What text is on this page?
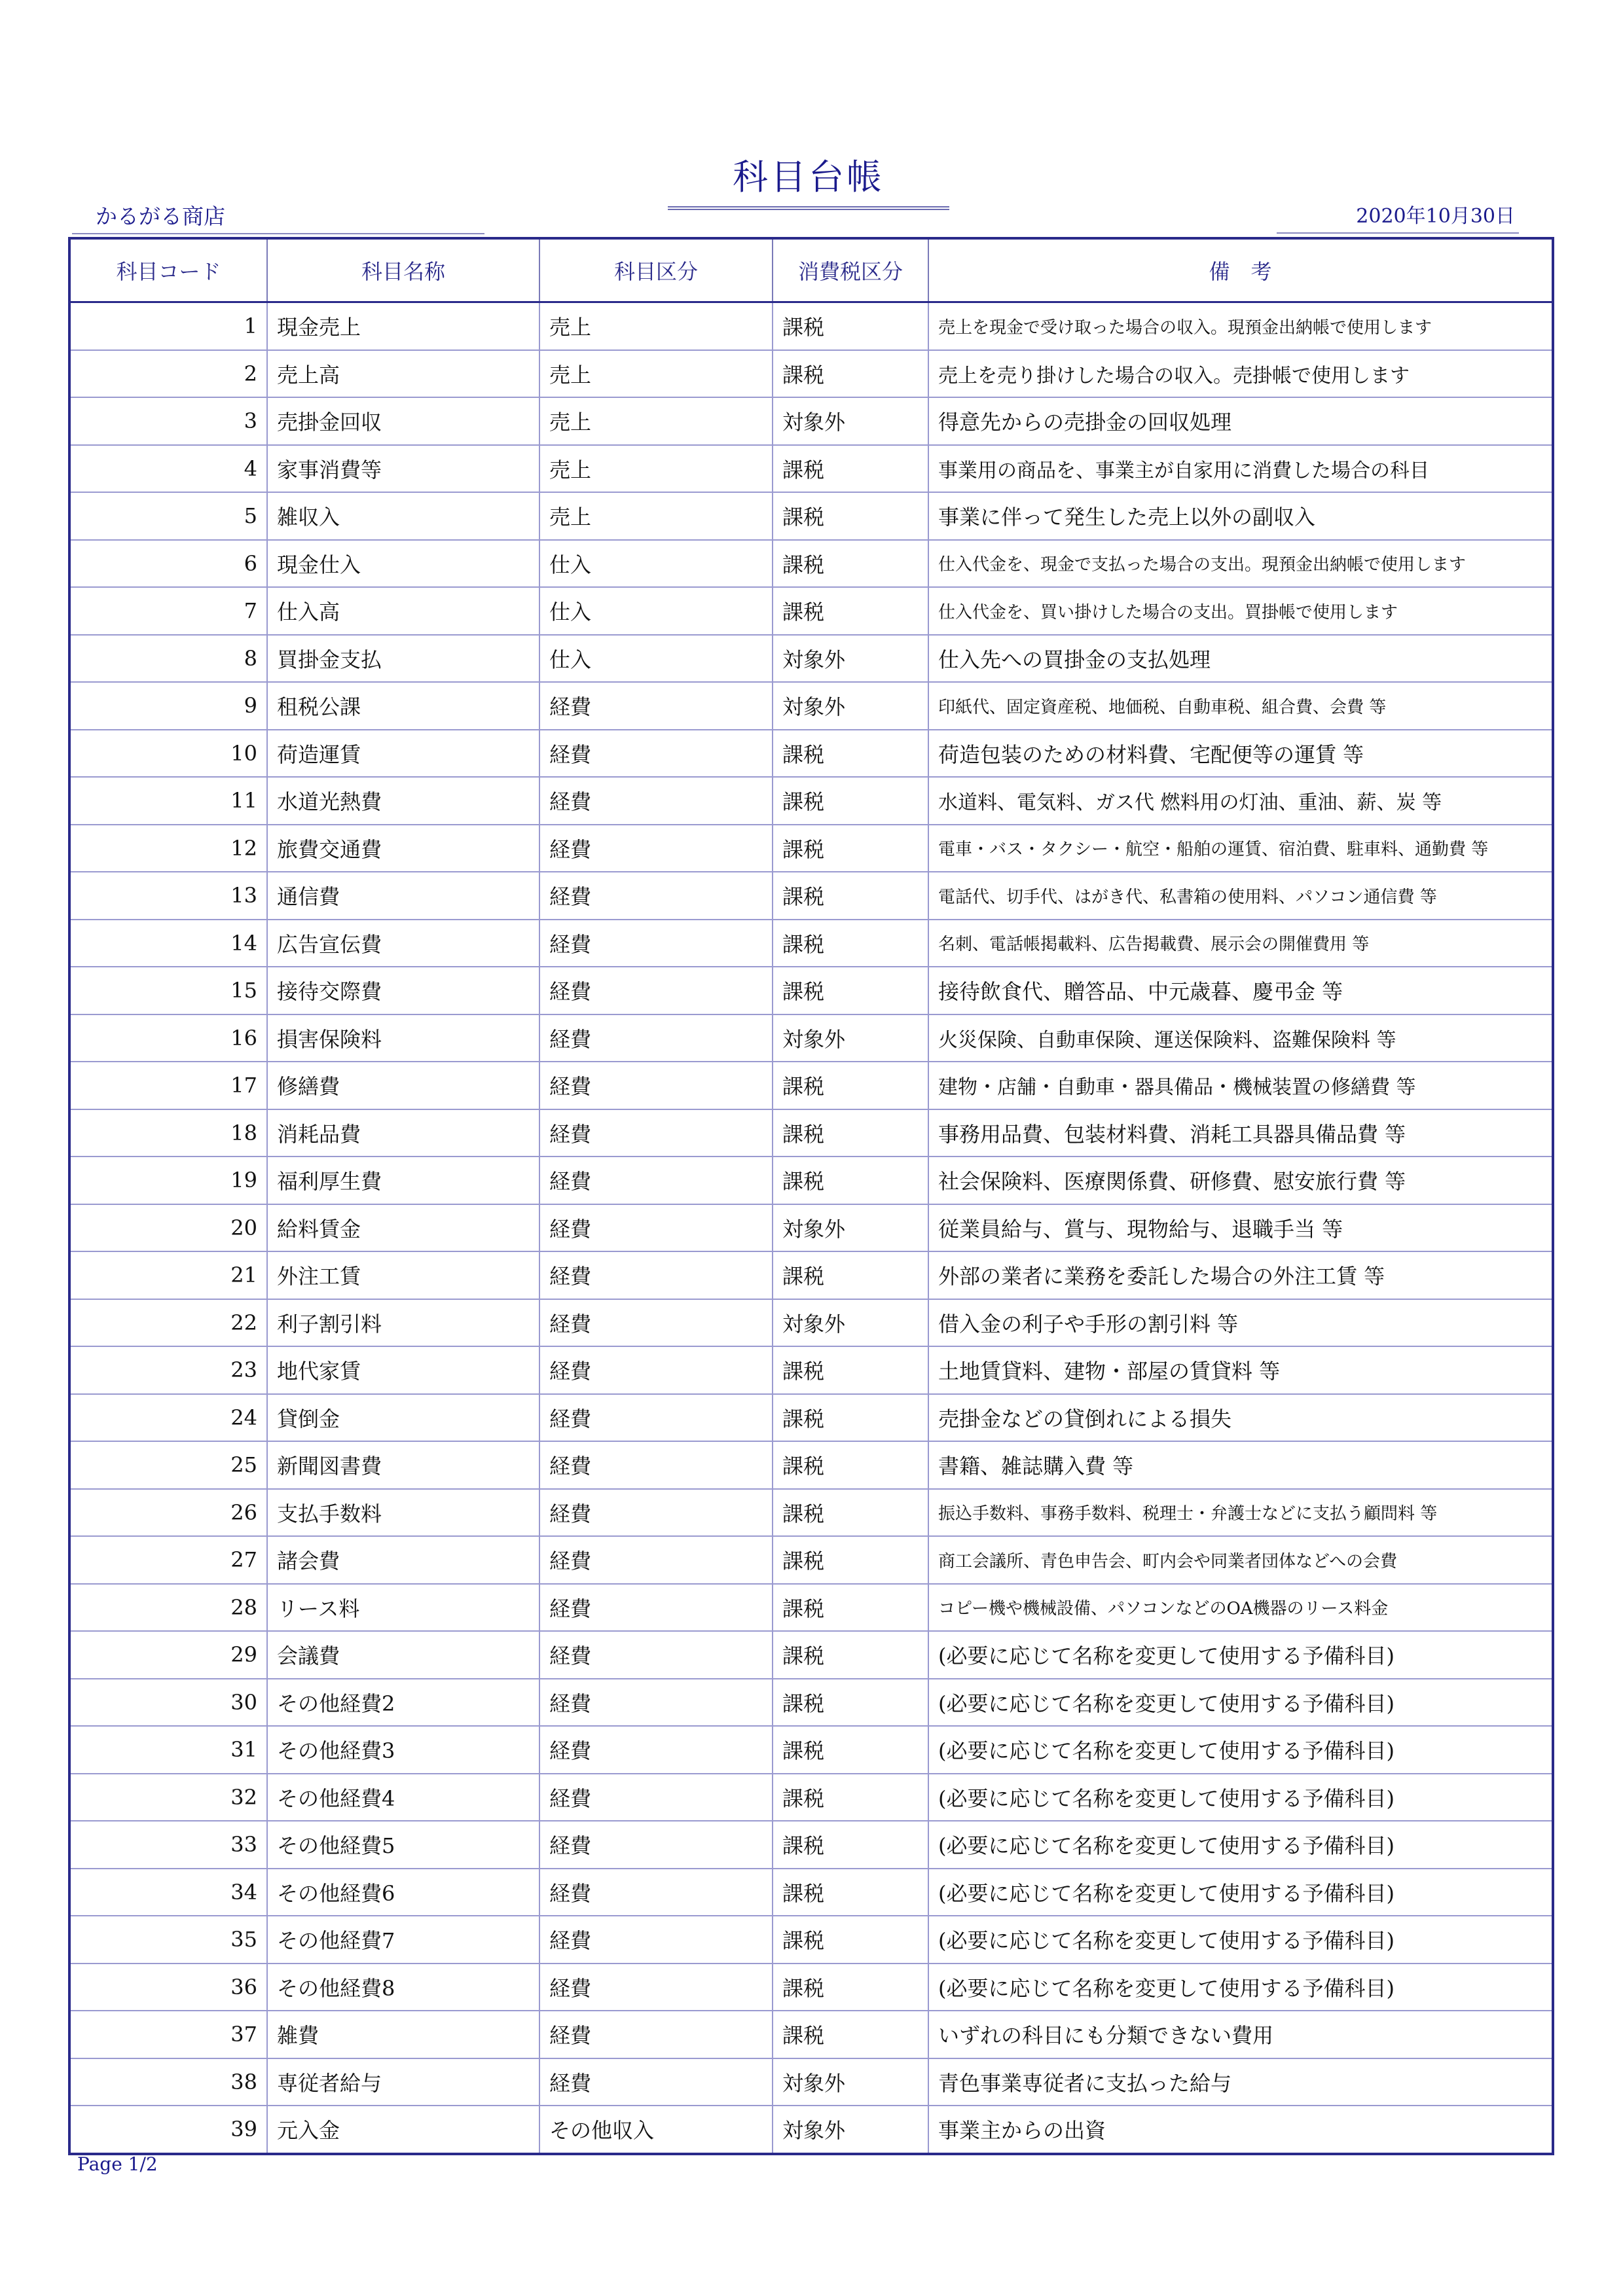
科目台帳
かるがる商店	2020年10月30日
科目コード	科目名称	科目区分	消費税区分	備　考
1	現金売上	売上	課税	売上を現金で受け取った場合の収入。現預金出納帳で使用します
2	売上高	売上	課税	売上を売り掛けした場合の収入。売掛帳で使用します
3	売掛金回収	売上	対象外	得意先からの売掛金の回収処理
4	家事消費等	売上	課税	事業用の商品を、事業主が自家用に消費した場合の科目
5	雑収入	売上	課税	事業に伴って発生した売上以外の副収入
6	現金仕入	仕入	課税	仕入代金を、現金で支払った場合の支出。現預金出納帳で使用します
7	仕入高	仕入	課税	仕入代金を、買い掛けした場合の支出。買掛帳で使用します
8	買掛金支払	仕入	対象外	仕入先への買掛金の支払処理
9	租税公課	経費	対象外	印紙代、固定資産税、地価税、自動車税、組合費、会費 等
10	荷造運賃	経費	課税	荷造包装のための材料費、宅配便等の運賃 等
11	水道光熱費	経費	課税	水道料、電気料、ガス代 燃料用の灯油、重油、薪、炭 等
12	旅費交通費	経費	課税	電車・バス・タクシー・航空・船舶の運賃、宿泊費、駐車料、通勤費 等
13	通信費	経費	課税	電話代、切手代、はがき代、私書箱の使用料、パソコン通信費 等
14	広告宣伝費	経費	課税	名刺、電話帳掲載料、広告掲載費、展示会の開催費用 等
15	接待交際費	経費	課税	接待飲食代、贈答品、中元歳暮、慶弔金 等
16	損害保険料	経費	対象外	火災保険、自動車保険、運送保険料、盗難保険料 等
17	修繕費	経費	課税	建物・店舗・自動車・器具備品・機械装置の修繕費 等
18	消耗品費	経費	課税	事務用品費、包装材料費、消耗工具器具備品費 等
19	福利厚生費	経費	課税	社会保険料、医療関係費、研修費、慰安旅行費 等
20	給料賃金	経費	対象外	従業員給与、賞与、現物給与、退職手当 等
21	外注工賃	経費	課税	外部の業者に業務を委託した場合の外注工賃 等
22	利子割引料	経費	対象外	借入金の利子や手形の割引料 等
23	地代家賃	経費	課税	土地賃貸料、建物・部屋の賃貸料 等
24	貸倒金	経費	課税	売掛金などの貸倒れによる損失
25	新聞図書費	経費	課税	書籍、雑誌購入費 等
26	支払手数料	経費	課税	振込手数料、事務手数料、税理士・弁護士などに支払う顧問料 等
27	諸会費	経費	課税	商工会議所、青色申告会、町内会や同業者団体などへの会費
28	リース料	経費	課税	コピー機や機械設備、パソコンなどのOA機器のリース料金
29	会議費	経費	課税	(必要に応じて名称を変更して使用する予備科目)
30	その他経費2	経費	課税	(必要に応じて名称を変更して使用する予備科目)
31	その他経費3	経費	課税	(必要に応じて名称を変更して使用する予備科目)
32	その他経費4	経費	課税	(必要に応じて名称を変更して使用する予備科目)
33	その他経費5	経費	課税	(必要に応じて名称を変更して使用する予備科目)
34	その他経費6	経費	課税	(必要に応じて名称を変更して使用する予備科目)
35	その他経費7	経費	課税	(必要に応じて名称を変更して使用する予備科目)
36	その他経費8	経費	課税	(必要に応じて名称を変更して使用する予備科目)
37	雑費	経費	課税	いずれの科目にも分類できない費用
38	専従者給与	経費	対象外	青色事業専従者に支払った給与
39	元入金	その他収入	対象外	事業主からの出資
Page 1/2
